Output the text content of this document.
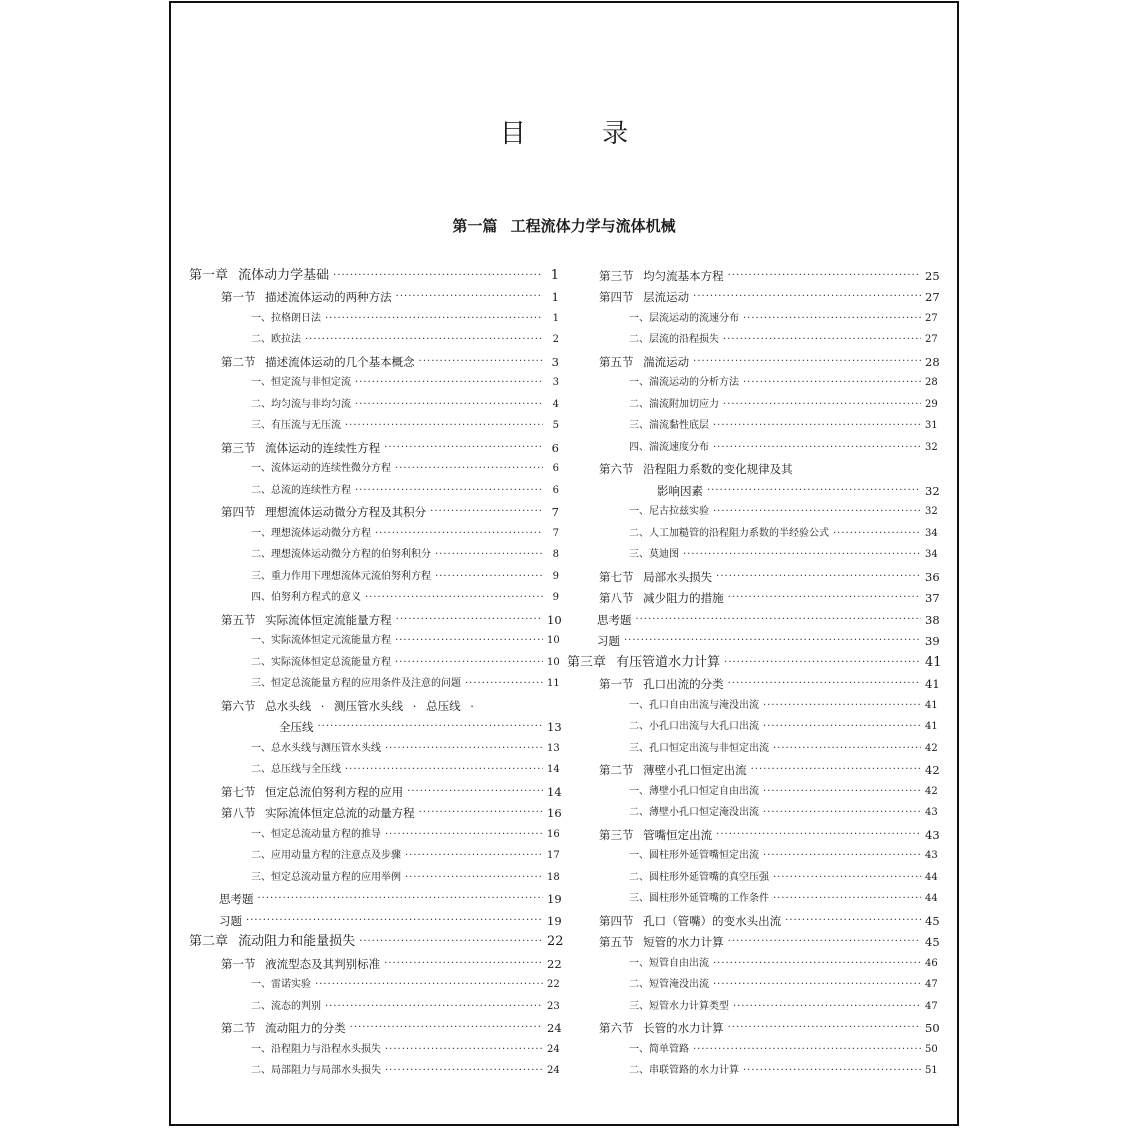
目 录
第一篇 工程流体力学与流体机械
第一章 流体动力学基础 ·····	1
第一节 描述流体运动的两种方法 ·····	1
一、拉格朗日法 ·····	1
二、欧拉法 ·····	2
第二节 描述流体运动的几个基本概念 ·····	3
一、恒定流与非恒定流 ·····	3
二、均匀流与非均匀流 ·····	4
三、有压流与无压流 ·····	5
第三节 流体运动的连续性方程 ·····	6
一、流体运动的连续性微分方程 ·····	6
二、总流的连续性方程 ·····	6
第四节 理想流体运动微分方程及其积分 ·····	7
一、理想流体运动微分方程 ·····	7
二、理想流体运动微分方程的伯努利积分 ·····	8
三、重力作用下理想流体元流伯努利方程 ·····	9
四、伯努利方程式的意义 ·····	9
第五节 实际流体恒定流能量方程 ·····	10
一、实际流体恒定元流能量方程 ·····	10
二、实际流体恒定总流能量方程 ·····	10
三、恒定总流能量方程的应用条件及注意的问题 ·····	11
第六节 总水头线 · 测压管水头线 · 总压线 ·
全压线 ·····	13
一、总水头线与测压管水头线 ·····	13
二、总压线与全压线 ·····	14
第七节 恒定总流伯努利方程的应用 ·····	14
第八节 实际流体恒定总流的动量方程 ·····	16
一、恒定总流动量方程的推导 ·····	16
二、应用动量方程的注意点及步骤 ·····	17
三、恒定总流动量方程的应用举例 ·····	18
思考题 ·····	19
习题 ·····	19
第二章 流动阻力和能量损失 ·····	22
第一节 液流型态及其判别标准 ·····	22
一、雷诺实验 ·····	22
二、流态的判别 ·····	23
第二节 流动阻力的分类 ·····	24
一、沿程阻力与沿程水头损失 ·····	24
二、局部阻力与局部水头损失 ·····	24
第三节 均匀流基本方程 ·····	25
第四节 层流运动 ·····	27
一、层流运动的流速分布 ·····	27
二、层流的沿程损失 ·····	27
第五节 湍流运动 ·····	28
一、湍流运动的分析方法 ·····	28
二、湍流附加切应力 ·····	29
三、湍流黏性底层 ·····	31
四、湍流速度分布 ·····	32
第六节 沿程阻力系数的变化规律及其
影响因素 ·····	32
一、尼古拉兹实验 ·····	32
二、人工加糙管的沿程阻力系数的半经验公式 ·····	34
三、莫迪图 ·····	34
第七节 局部水头损失 ·····	36
第八节 减少阻力的措施 ·····	37
思考题 ·····	38
习题 ·····	39
第三章 有压管道水力计算 ·····	41
第一节 孔口出流的分类 ·····	41
一、孔口自由出流与淹没出流 ·····	41
二、小孔口出流与大孔口出流 ·····	41
三、孔口恒定出流与非恒定出流 ·····	42
第二节 薄壁小孔口恒定出流 ·····	42
一、薄壁小孔口恒定自由出流 ·····	42
二、薄壁小孔口恒定淹没出流 ·····	43
第三节 管嘴恒定出流 ·····	43
一、圆柱形外延管嘴恒定出流 ·····	43
二、圆柱形外延管嘴的真空压强 ·····	44
三、圆柱形外延管嘴的工作条件 ·····	44
第四节 孔口（管嘴）的变水头出流 ·····	45
第五节 短管的水力计算 ·····	45
一、短管自由出流 ·····	46
二、短管淹没出流 ·····	47
三、短管水力计算类型 ·····	47
第六节 长管的水力计算 ·····	50
一、简单管路 ·····	50
二、串联管路的水力计算 ·····	51
